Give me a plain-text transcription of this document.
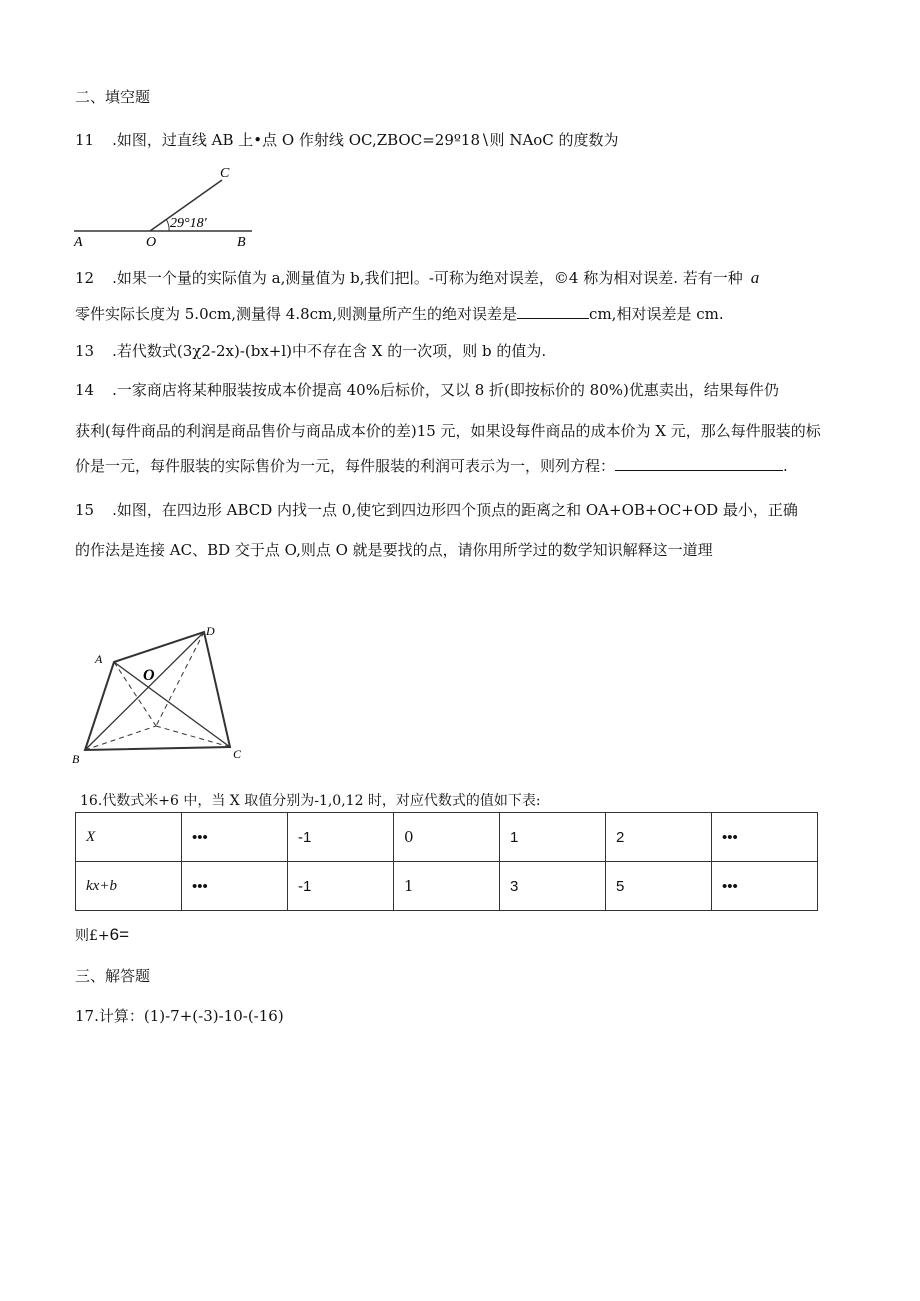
二、填空题
11 .如图，过直线 AB 上•点 O 作射线 OC,ZBOC=29º18∖则 NAoC 的度数为
A	O	B
C
29°18′
12 .如果一个量的实际值为 a,测量值为 b,我们把∣。-可称为绝对误差，©4 称为相对误差. 若有一种 a
零件实际长度为 5.0cm,测量得 4.8cm,则测量所产生的绝对误差是	cm,相对误差是 cm.
13 .若代数式(3χ2-2x)-(bx+l)中不存在含 X 的一次项，则 b 的值为.
14 .一家商店将某种服装按成本价提高 40%后标价，又以 8 折(即按标价的 80%)优惠卖出，结果每件仍
获利(每件商品的利润是商品售价与商品成本价的差)15 元，如果设每件商品的成本价为 X 元，那么每件服装的标
价是一元，每件服装的实际售价为一元，每件服装的利润可表示为一，则列方程：	.
15 .如图，在四边形 ABCD 内找一点 0,使它到四边形四个顶点的距离之和 OA+OB+OC+OD 最小，正确
的作法是连接 AC、BD 交于点 O,则点 O 就是要找的点，请你用所学过的数学知识解释这一道理
A
D
B	C
O
16.代数式米+6 中，当 X 取值分别为-1,0,12 时，对应代数式的值如下表:
X	•••	-1	0	1	2	•••
kx+b	•••	-1	1	3	5	•••
则£+6=
三、解答题
17.计算：(1)-7+(-3)-10-(-16)
